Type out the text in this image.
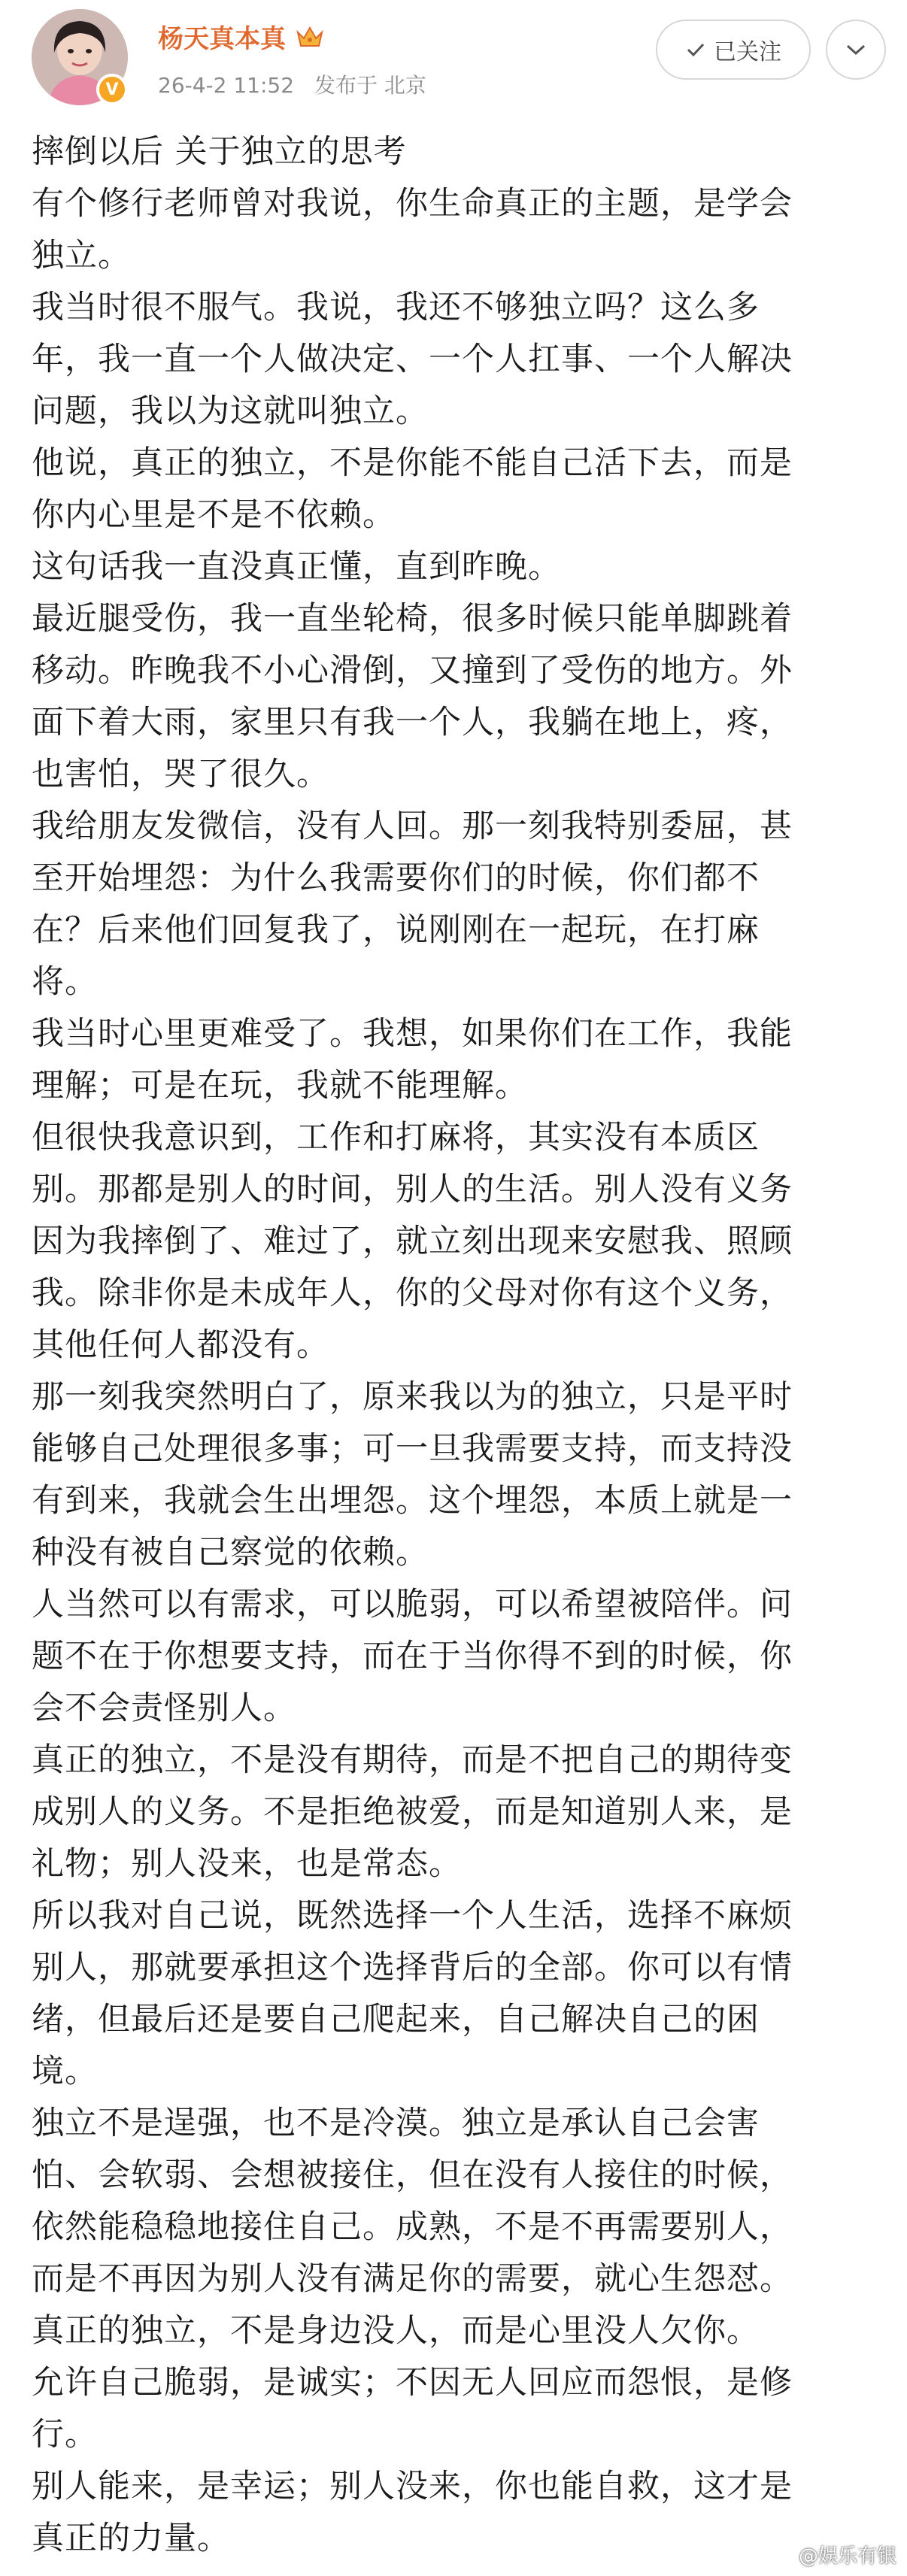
V
杨天真本真
26-4-2 11:52 发布于 北京
已关注
摔倒以后 关于独立的思考
有个修行老师曾对我说，你生命真正的主题，是学会
独立。
我当时很不服气。我说，我还不够独立吗？这么多
年，我一直一个人做决定、一个人扛事、一个人解决
问题，我以为这就叫独立。
他说，真正的独立，不是你能不能自己活下去，而是
你内心里是不是不依赖。
这句话我一直没真正懂，直到昨晚。
最近腿受伤，我一直坐轮椅，很多时候只能单脚跳着
移动。昨晚我不小心滑倒，又撞到了受伤的地方。外
面下着大雨，家里只有我一个人，我躺在地上，疼，
也害怕，哭了很久。
我给朋友发微信，没有人回。那一刻我特别委屈，甚
至开始埋怨：为什么我需要你们的时候，你们都不
在？后来他们回复我了，说刚刚在一起玩，在打麻
将。
我当时心里更难受了。我想，如果你们在工作，我能
理解；可是在玩，我就不能理解。
但很快我意识到，工作和打麻将，其实没有本质区
别。那都是别人的时间，别人的生活。别人没有义务
因为我摔倒了、难过了，就立刻出现来安慰我、照顾
我。除非你是未成年人，你的父母对你有这个义务，
其他任何人都没有。
那一刻我突然明白了，原来我以为的独立，只是平时
能够自己处理很多事；可一旦我需要支持，而支持没
有到来，我就会生出埋怨。这个埋怨，本质上就是一
种没有被自己察觉的依赖。
人当然可以有需求，可以脆弱，可以希望被陪伴。问
题不在于你想要支持，而在于当你得不到的时候，你
会不会责怪别人。
真正的独立，不是没有期待，而是不把自己的期待变
成别人的义务。不是拒绝被爱，而是知道别人来，是
礼物；别人没来，也是常态。
所以我对自己说，既然选择一个人生活，选择不麻烦
别人，那就要承担这个选择背后的全部。你可以有情
绪，但最后还是要自己爬起来，自己解决自己的困
境。
独立不是逞强，也不是冷漠。独立是承认自己会害
怕、会软弱、会想被接住，但在没有人接住的时候，
依然能稳稳地接住自己。成熟，不是不再需要别人，
而是不再因为别人没有满足你的需要，就心生怨怼。
真正的独立，不是身边没人，而是心里没人欠你。
允许自己脆弱，是诚实；不因无人回应而怨恨，是修
行。
别人能来，是幸运；别人没来，你也能自救，这才是
真正的力量。	@娱乐有银
